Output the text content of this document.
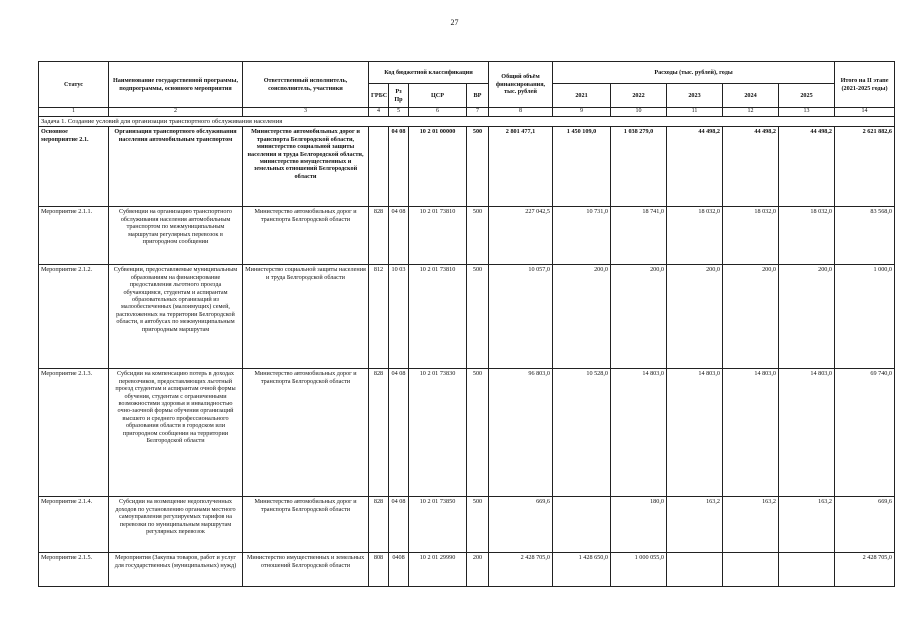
27
Статус	Наименование государственной программы, подпрограммы, основного мероприятия	Ответственный исполнитель, соисполнитель, участники	Код бюджетной классификации				Общий объём финансирования, тыс. рублей	Расходы (тыс. рублей), годы					Итого на II этапе (2021-2025 годы)
			ГРБС	Рз Пр	ЦСР	ВР		2021	2022	2023	2024	2025	
1	2	3	4	5	6	7	8	9	10	11	12	13	14
Задача 1. Создание условий для организации транспортного обслуживания населения													
Основное мероприятие 2.1.	Организация транспортного обслуживания населения автомобильным транспортом	Министерство автомобильных дорог и транспорта Белгородской области, министерство социальной защиты населения и труда Белгородской области, министерство имущественных и земельных отношений Белгородской области		04 08	10 2 01 00000	500	2 801 477,1	1 450 109,0	1 038 279,0	44 498,2	44 498,2	44 498,2	2 621 882,6
Мероприятие 2.1.1.	Субвенции на организацию транспортного обслуживания населения автомобильным транспортом по межмуниципальным маршрутам регулярных перевозок в пригородном сообщении	Министерство автомобильных дорог и транспорта Белгородской области	828	04 08	10 2 01 73810	500	227 042,5	10 731,0	18 741,0	18 032,0	18 032,0	18 032,0	83 568,0
Мероприятие 2.1.2.	Субвенции, предоставляемые муниципальным образованиям на финансирование предоставления льготного проезда обучающимся, студентам и аспирантам образовательных организаций из малообеспеченных (малоимущих) семей, расположенных на территории Белгородской области, в автобусах по межмуниципальным пригородным маршрутам	Министерство социальной защиты населения и труда Белгородской области	812	10 03	10 2 01 73810	500	10 057,0	200,0	200,0	200,0	200,0	200,0	1 000,0
Мероприятие 2.1.3.	Субсидии на компенсацию потерь в доходах перевозчиков, предоставляющих льготный проезд студентам и аспирантам очной формы обучения, студентам с ограниченными возможностями здоровья и инвалидностью очно-заочной формы обучения организаций высшего и среднего профессионального образования области в городском или пригородном сообщении на территории Белгородской области	Министерство автомобильных дорог и транспорта Белгородской области	828	04 08	10 2 01 73830	500	96 803,0	10 528,0	14 803,0	14 803,0	14 803,0	14 803,0	69 740,0
Мероприятие 2.1.4.	Субсидии на возмещение недополученных доходов по установлению органами местного самоуправления регулируемых тарифов на перевозки по муниципальным маршрутам регулярных перевозок	Министерство автомобильных дорог и транспорта Белгородской области	828	04 08	10 2 01 73850	500	669,6		180,0	163,2	163,2	163,2	669,6
Мероприятие 2.1.5.	Мероприятия (Закупка товаров, работ и услуг для государственных (муниципальных) нужд)	Министерство имущественных и земельных отношений Белгородской области	808	0408	10 2 01 29990	200	2 428 705,0	1 428 650,0	1 000 055,0				2 428 705,0
